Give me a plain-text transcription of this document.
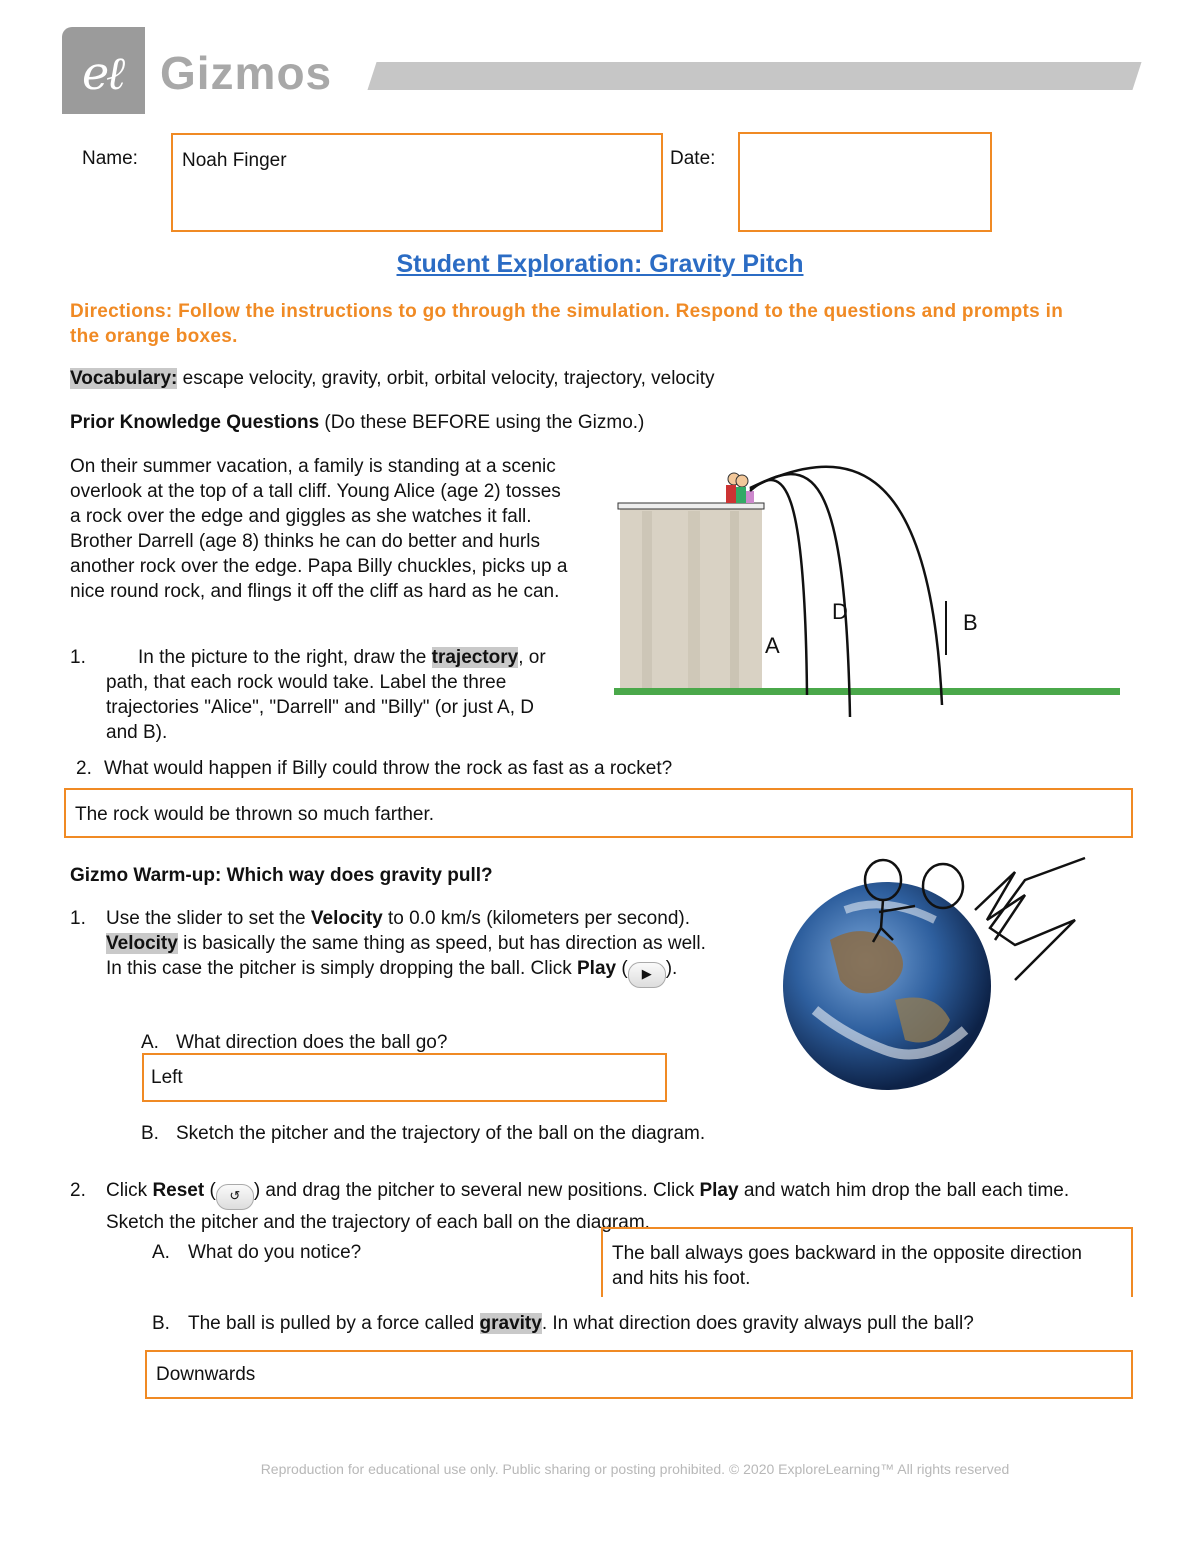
e
ℓ Gizmos
Name: Noah Finger	Date:
Student Exploration: Gravity Pitch
Directions: Follow the instructions to go through the simulation. Respond to the questions and prompts in the orange boxes.
Vocabulary: escape velocity, gravity, orbit, orbital velocity, trajectory, velocity
Prior Knowledge Questions (Do these BEFORE using the Gizmo.)
On their summer vacation, a family is standing at a scenic overlook at the top of a tall cliff. Young Alice (age 2) tosses a rock over the edge and giggles as she watches it fall. Brother Darrell (age 8) thinks he can do better and hurls another rock over the edge. Papa Billy chuckles, picks up a nice round rock, and flings it off the cliff as hard as he can.
1.	In the picture to the right, draw the trajectory, or path, that each rock would take. Label the three trajectories "Alice", "Darrell" and "Billy" (or just A, D and B).
A
D	B
2. What would happen if Billy could throw the rock as fast as a rocket?
The rock would be thrown so much farther.
Gizmo Warm-up: Which way does gravity pull?
1. Use the slider to set the Velocity to 0.0 km/s (kilometers per second). Velocity is basically the same thing as speed, but has direction as well. In this case the pitcher is simply dropping the ball. Click Play ( ▶ ).
A. What direction does the ball go?
Left
B. Sketch the pitcher and the trajectory of the ball on the diagram.
2. Click Reset ( ↺ ) and drag the pitcher to several new positions. Click Play and watch him drop the ball each time. Sketch the pitcher and the trajectory of each ball on the diagram.
A. What do you notice?	The ball always goes backward in the opposite direction and hits his foot.
B. The ball is pulled by a force called gravity. In what direction does gravity always pull the ball?
Downwards
Reproduction for educational use only. Public sharing or posting prohibited. © 2020 ExploreLearning™ All rights reserved
